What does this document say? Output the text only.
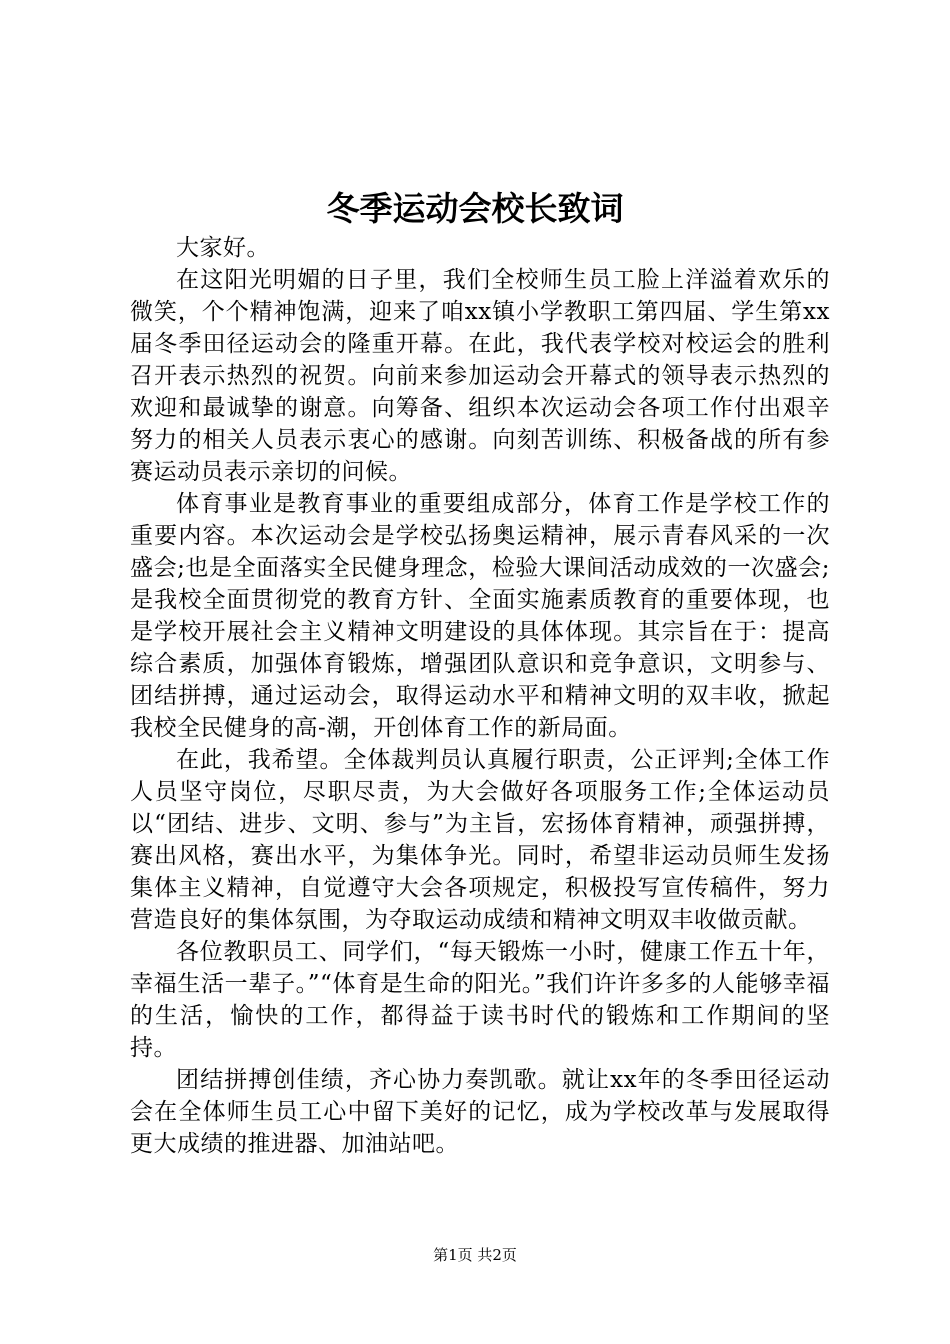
冬季运动会校长致词

大家好。

在这阳光明媚的日子里，我们全校师生员工脸上洋溢着欢乐的微笑，个个精神饱满，迎来了咱xx镇小学教职工第四届、学生第xx届冬季田径运动会的隆重开幕。在此，我代表学校对校运会的胜利召开表示热烈的祝贺。向前来参加运动会开幕式的领导表示热烈的欢迎和最诚挚的谢意。向筹备、组织本次运动会各项工作付出艰辛努力的相关人员表示衷心的感谢。向刻苦训练、积极备战的所有参赛运动员表示亲切的问候。

体育事业是教育事业的重要组成部分，体育工作是学校工作的重要内容。本次运动会是学校弘扬奥运精神，展示青春风采的一次盛会;也是全面落实全民健身理念，检验大课间活动成效的一次盛会;是我校全面贯彻党的教育方针、全面实施素质教育的重要体现，也是学校开展社会主义精神文明建设的具体体现。其宗旨在于：提高综合素质，加强体育锻炼，增强团队意识和竞争意识，文明参与、团结拼搏，通过运动会，取得运动水平和精神文明的双丰收，掀起我校全民健身的高-潮，开创体育工作的新局面。

在此，我希望。全体裁判员认真履行职责，公正评判;全体工作人员坚守岗位，尽职尽责，为大会做好各项服务工作;全体运动员以“团结、进步、文明、参与”为主旨，宏扬体育精神，顽强拼搏，赛出风格，赛出水平，为集体争光。同时，希望非运动员师生发扬集体主义精神，自觉遵守大会各项规定，积极投写宣传稿件，努力营造良好的集体氛围，为夺取运动成绩和精神文明双丰收做贡献。

各位教职员工、同学们，“每天锻炼一小时，健康工作五十年，幸福生活一辈子。”“体育是生命的阳光。”我们许许多多的人能够幸福的生活，愉快的工作，都得益于读书时代的锻炼和工作期间的坚持。

团结拼搏创佳绩，齐心协力奏凯歌。就让xx年的冬季田径运动会在全体师生员工心中留下美好的记忆，成为学校改革与发展取得更大成绩的推进器、加油站吧。

第1页 共2页
